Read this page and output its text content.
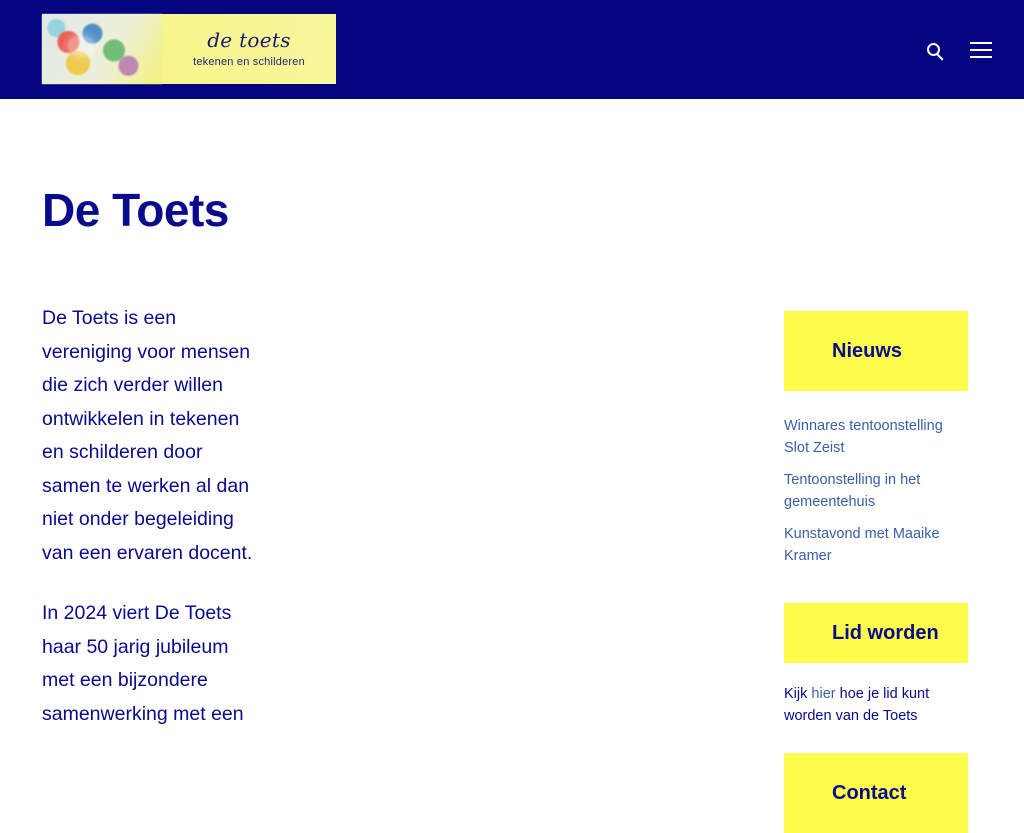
de toets
tekenen en schilderen
De Toets

De Toets is een vereniging voor mensen die zich verder willen ontwikkelen in tekenen en schilderen door samen te werken al dan niet onder begeleiding van een ervaren docent.

In 2024 viert De Toets haar 50 jarig jubileum met een bijzondere samenwerking met een

Nieuws
Winnares tentoonstelling Slot Zeist
Tentoonstelling in het gemeentehuis
Kunstavond met Maaike Kramer
Lid worden
Kijk hier hoe je lid kunt worden van de Toets
Contact
